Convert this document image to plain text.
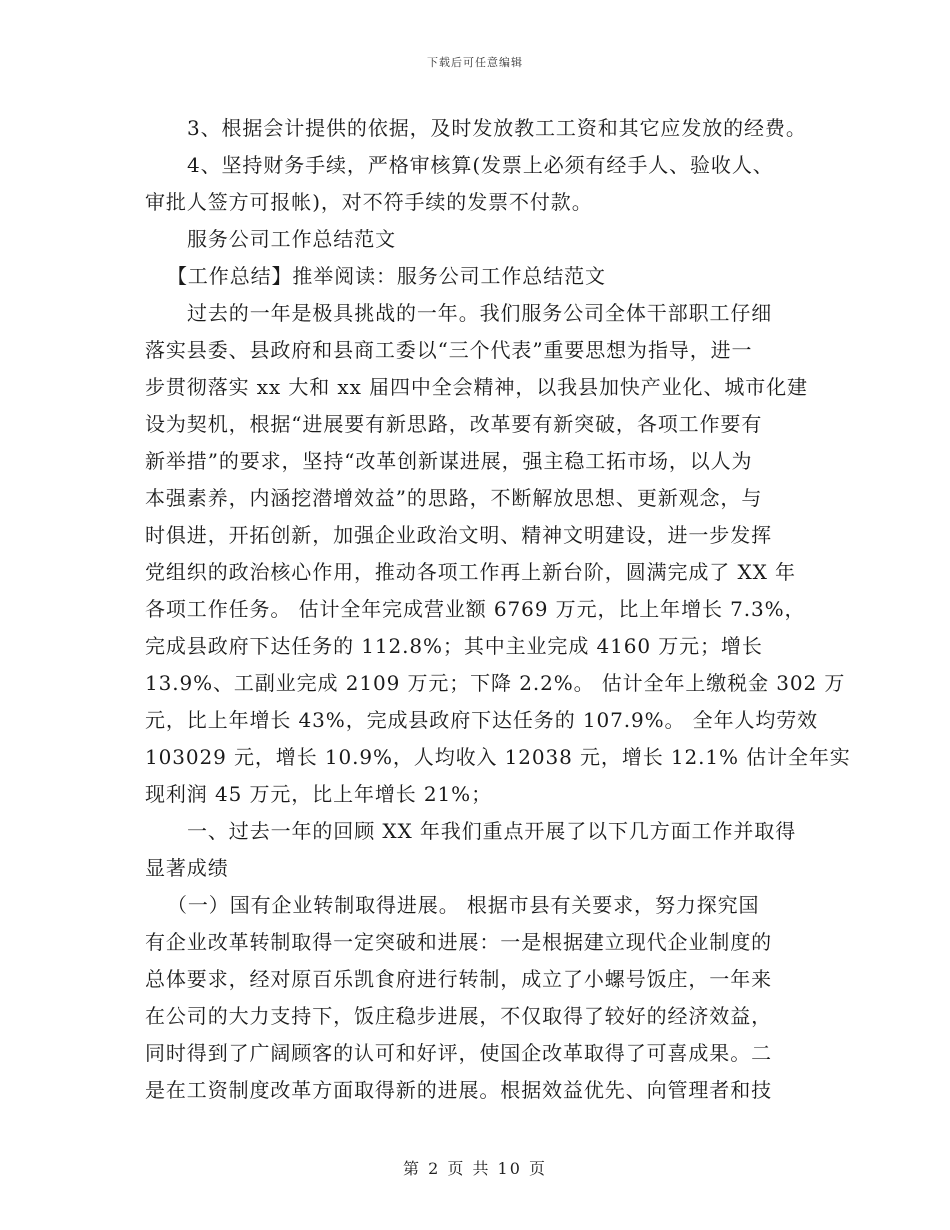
下载后可任意编辑
3、根据会计提供的依据，及时发放教工工资和其它应发放的经费。
4、坚持财务手续，严格审核算(发票上必须有经手人、验收人、
审批人签方可报帐)，对不符手续的发票不付款。
服务公司工作总结范文
【工作总结】推举阅读：服务公司工作总结范文
过去的一年是极具挑战的一年。我们服务公司全体干部职工仔细
落实县委、县政府和县商工委以“三个代表”重要思想为指导，进一
步贯彻落实 xx 大和 xx 届四中全会精神，以我县加快产业化、城市化建
设为契机，根据“进展要有新思路，改革要有新突破，各项工作要有
新举措”的要求，坚持“改革创新谋进展，强主稳工拓市场，以人为
本强素养，内涵挖潜增效益”的思路，不断解放思想、更新观念，与
时俱进，开拓创新，加强企业政治文明、精神文明建设，进一步发挥
党组织的政治核心作用，推动各项工作再上新台阶，圆满完成了 XX 年
各项工作任务。 估计全年完成营业额 6769 万元，比上年增长 7.3%，
完成县政府下达任务的 112.8%；其中主业完成 4160 万元；增长
13.9%、工副业完成 2109 万元；下降 2.2%。 估计全年上缴税金 302 万
元，比上年增长 43%，完成县政府下达任务的 107.9%。 全年人均劳效
103029 元，增长 10.9%，人均收入 12038 元，增长 12.1% 估计全年实
现利润 45 万元，比上年增长 21%；
一、过去一年的回顾 XX 年我们重点开展了以下几方面工作并取得
显著成绩
（一）国有企业转制取得进展。 根据市县有关要求，努力探究国
有企业改革转制取得一定突破和进展：一是根据建立现代企业制度的
总体要求，经对原百乐凯食府进行转制，成立了小螺号饭庄，一年来
在公司的大力支持下，饭庄稳步进展，不仅取得了较好的经济效益，
同时得到了广阔顾客的认可和好评，使国企改革取得了可喜成果。二
是在工资制度改革方面取得新的进展。根据效益优先、向管理者和技
第 2 页 共 10 页
